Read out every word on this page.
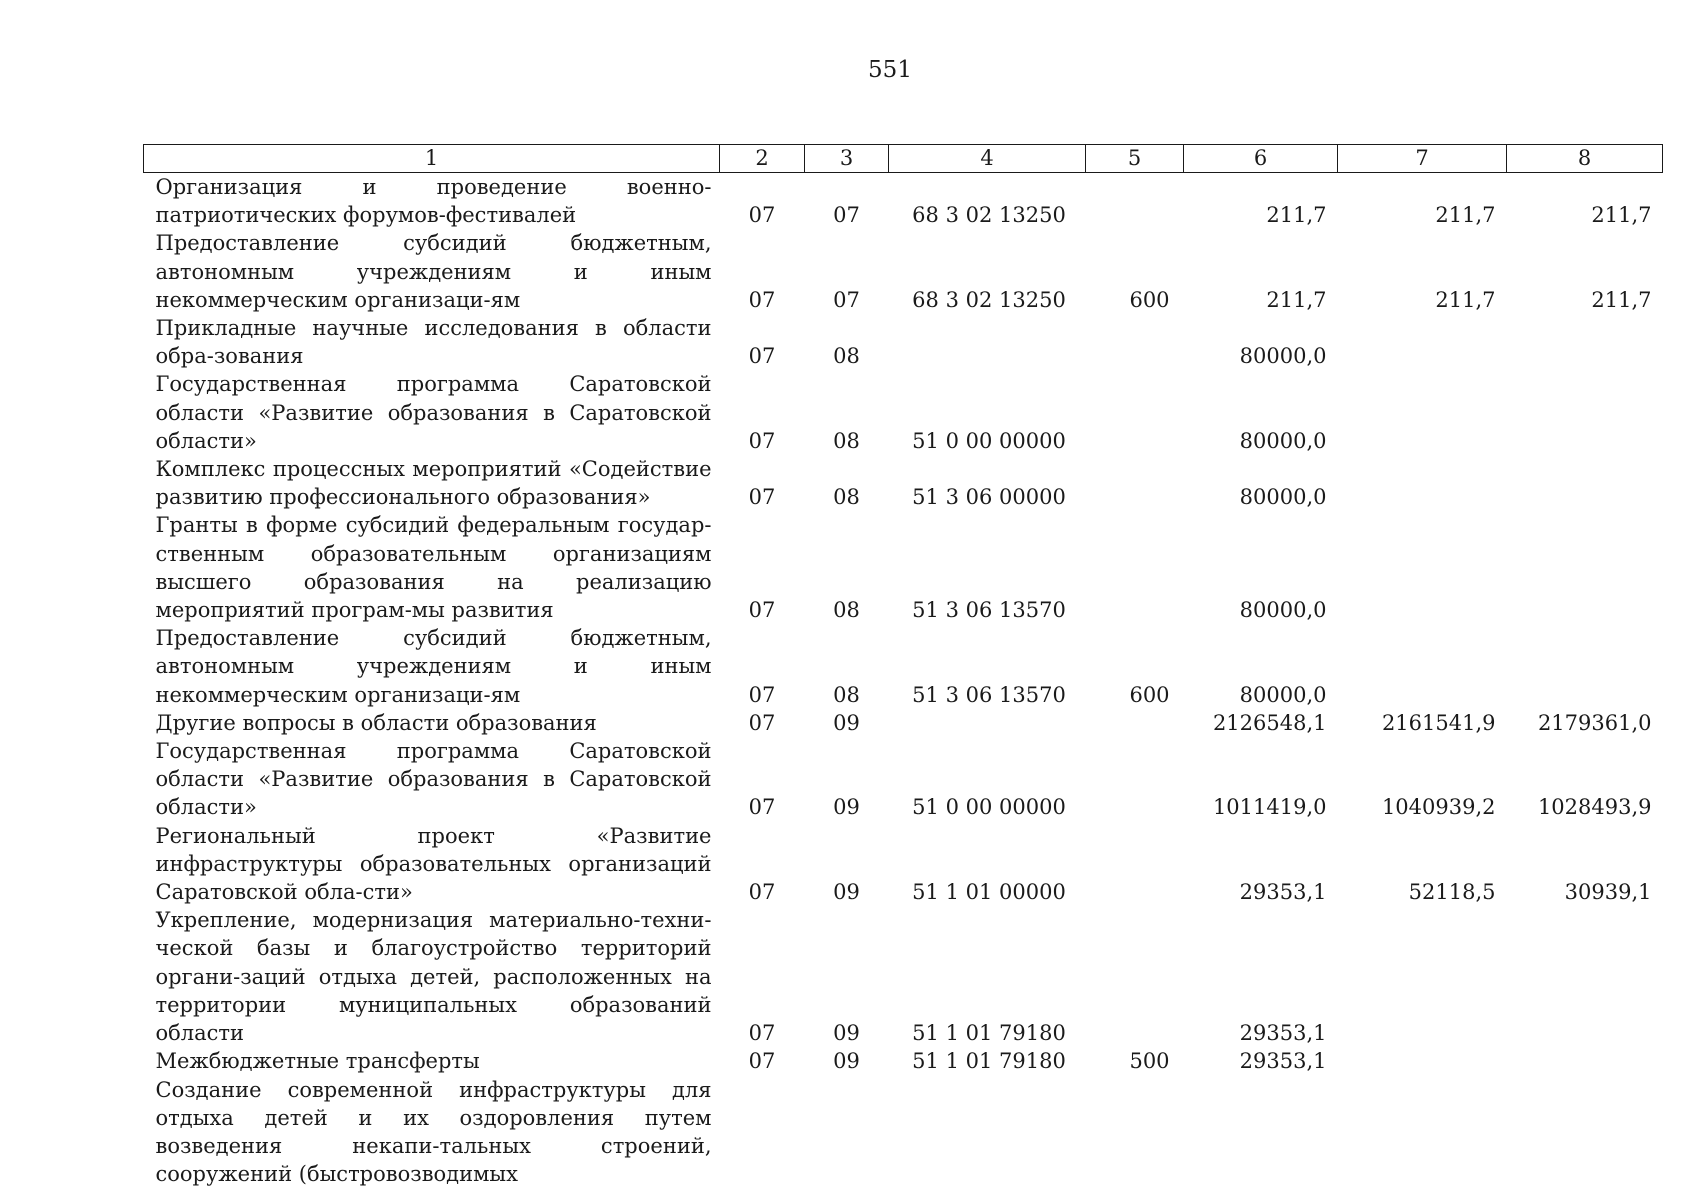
551
1	2	3	4	5	6	7	8
Организация и проведение военно-патриотических форумов-фестивалей	07	07	68 3 02 13250		211,7	211,7	211,7
Предоставление субсидий бюджетным, автономным учреждениям и иным некоммерческим организаци-ям	07	07	68 3 02 13250	600	211,7	211,7	211,7
Прикладные научные исследования в области обра-зования	07	08			80000,0		
Государственная программа Саратовской области «Развитие образования в Саратовской области»	07	08	51 0 00 00000		80000,0		
Комплекс процессных мероприятий «Содействие развитию профессионального образования»	07	08	51 3 06 00000		80000,0		
Гранты в форме субсидий федеральным государ-ственным образовательным организациям высшего образования на реализацию мероприятий програм-мы развития	07	08	51 3 06 13570		80000,0		
Предоставление субсидий бюджетным, автономным учреждениям и иным некоммерческим организаци-ям	07	08	51 3 06 13570	600	80000,0		
Другие вопросы в области образования	07	09			2126548,1	2161541,9	2179361,0
Государственная программа Саратовской области «Развитие образования в Саратовской области»	07	09	51 0 00 00000		1011419,0	1040939,2	1028493,9
Региональный проект «Развитие инфраструктуры образовательных организаций Саратовской обла-сти»	07	09	51 1 01 00000		29353,1	52118,5	30939,1
Укрепление, модернизация материально-техни-ческой базы и благоустройство территорий органи-заций отдыха детей, расположенных на территории муниципальных образований области	07	09	51 1 01 79180		29353,1		
Межбюджетные трансферты	07	09	51 1 01 79180	500	29353,1		
Создание современной инфраструктуры для отдыха детей и их оздоровления путем возведения некапи-тальных строений, сооружений (быстровозводимых							
